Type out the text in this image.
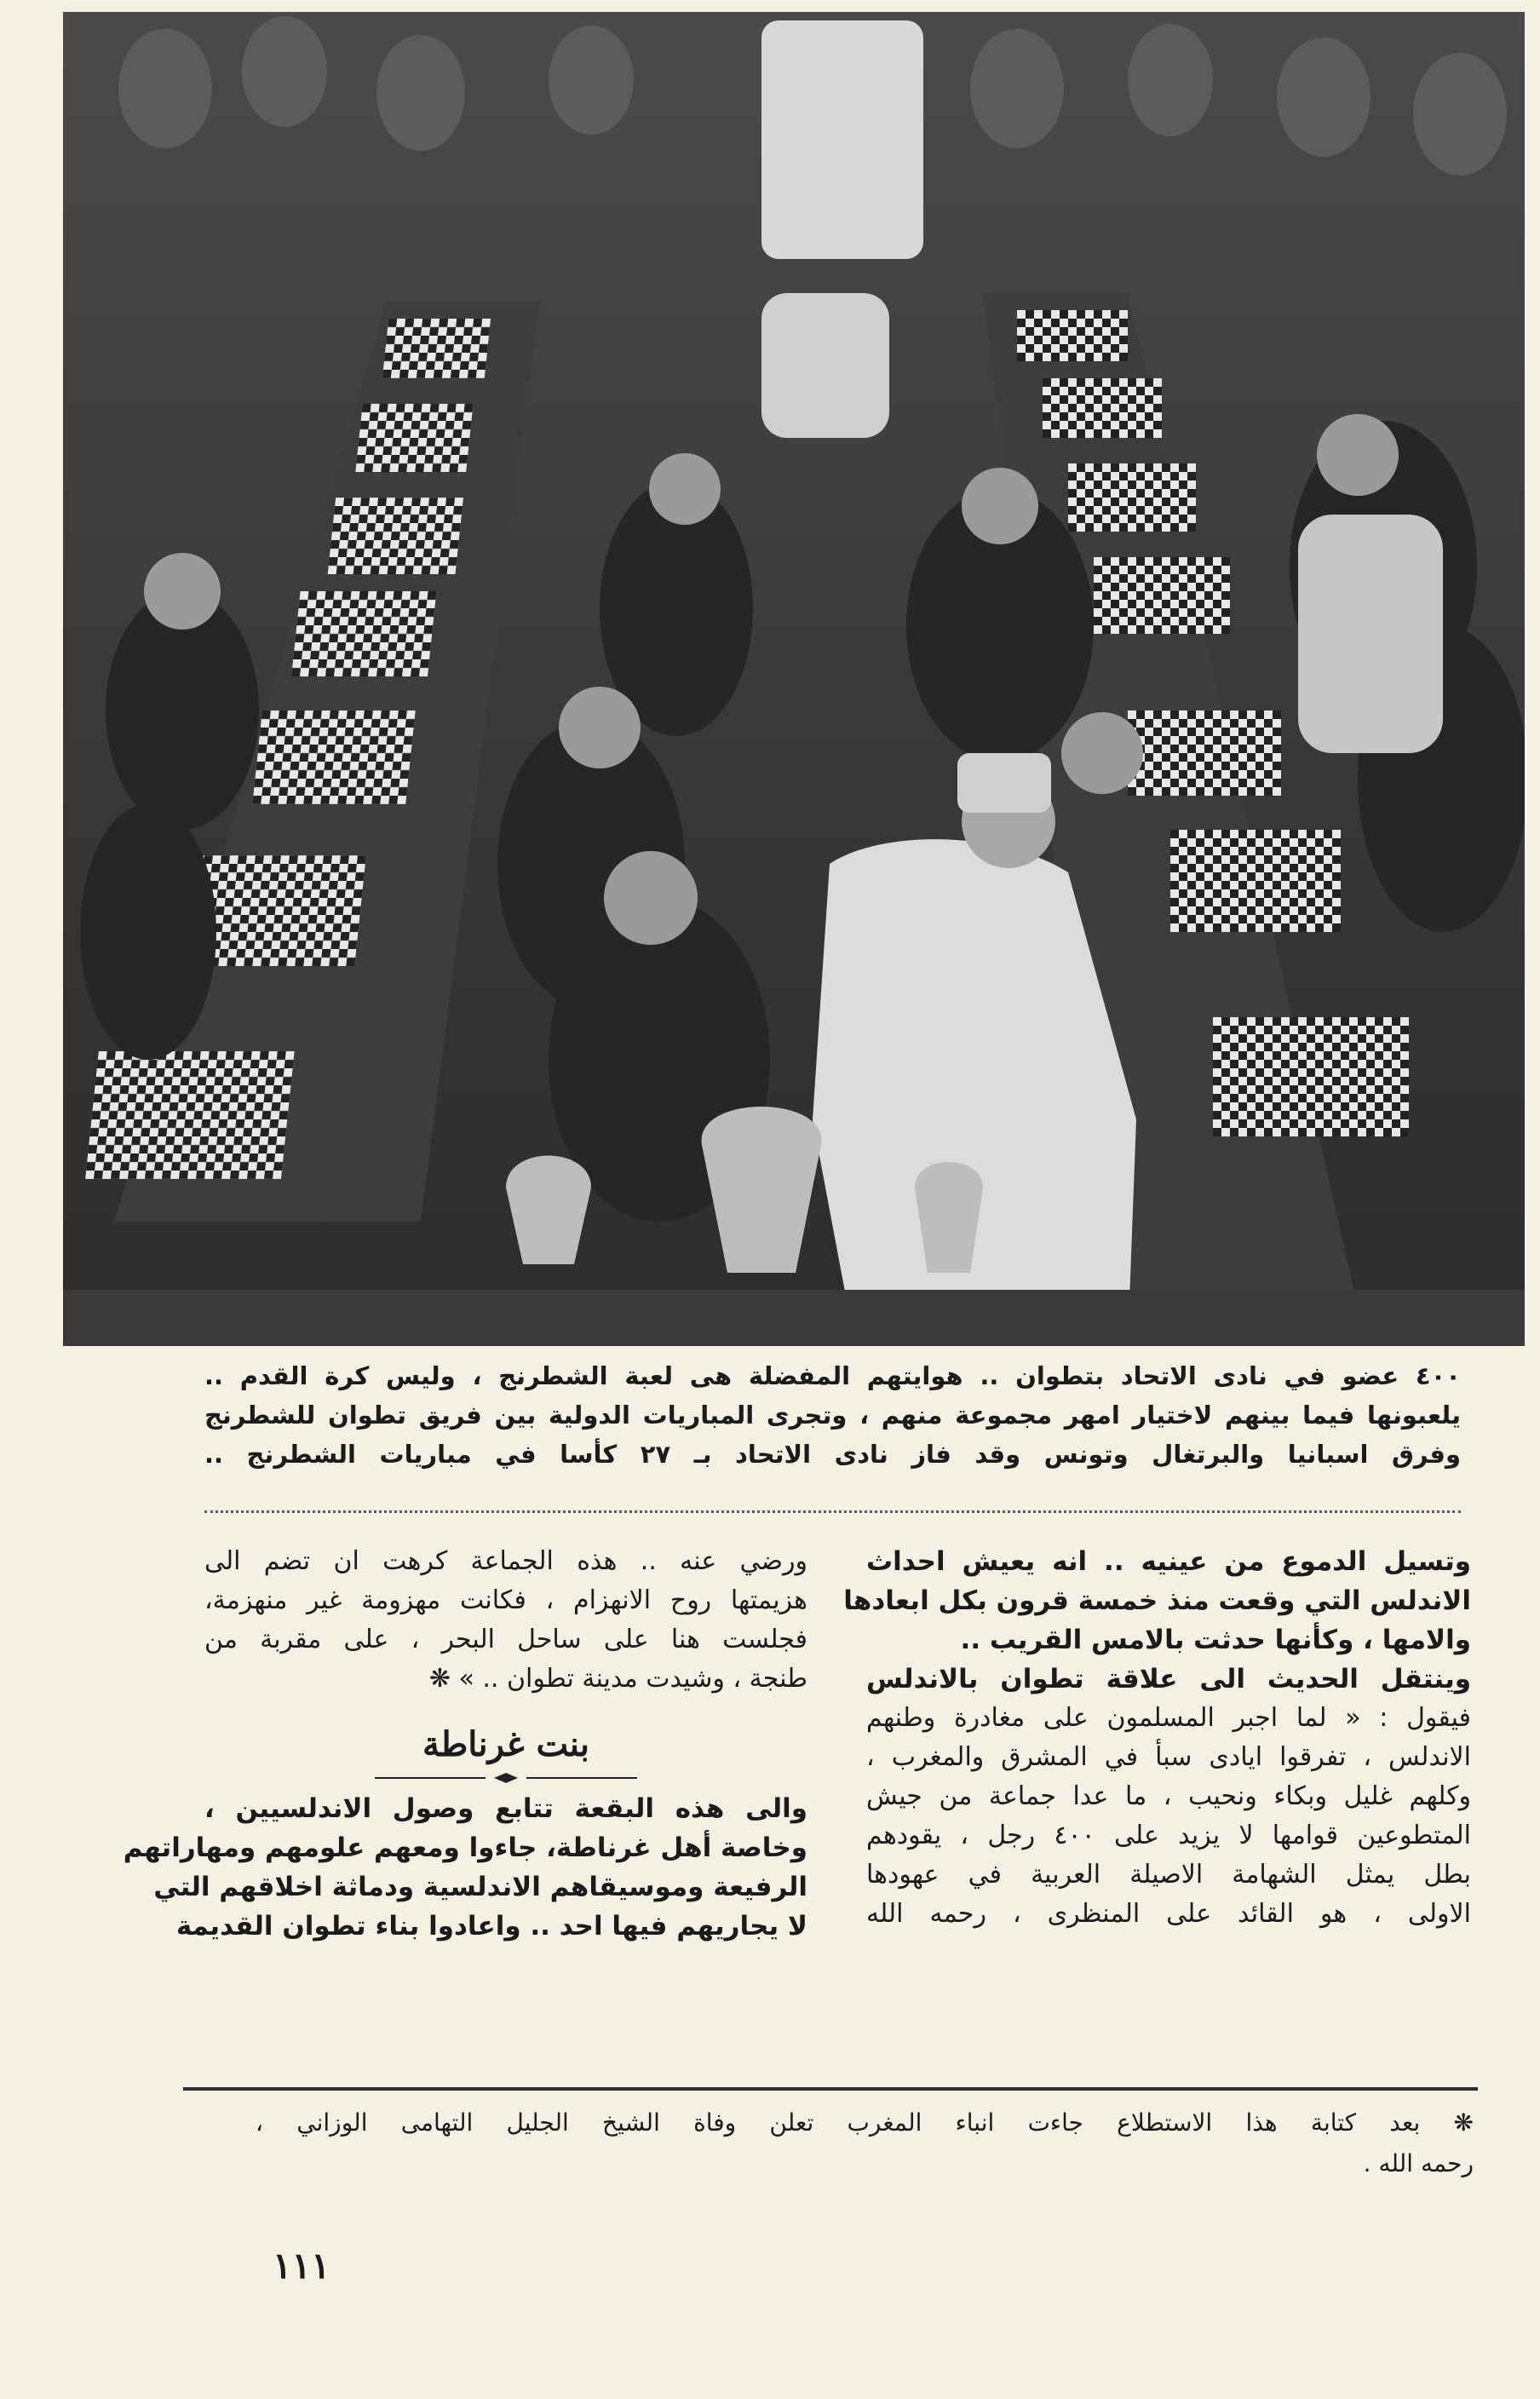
٤٠٠ عضو في نادى الاتحاد بتطوان .. هوايتهم المفضلة هى لعبة الشطرنج ، وليس كرة القدم ..
يلعبونها فيما بينهم لاختيار امهر مجموعة منهم ، وتجرى المباريات الدولية بين فريق تطوان للشطرنج
وفرق اسبانيا والبرتغال وتونس وقد فاز نادى الاتحاد بـ ٢٧ كأسا في مباريات الشطرنج ..
وتسيل الدموع من عينيه .. انه يعيش احداث
الاندلس التي وقعت منذ خمسة قرون بكل ابعادها
والامها ، وكأنها حدثت بالامس القريب ..
وينتقل الحديث الى علاقة تطوان بالاندلس
فيقول : « لما اجبر المسلمون على مغادرة وطنهم
الاندلس ، تفرقوا ايادى سبأ في المشرق والمغرب ،
وكلهم غليل وبكاء ونحيب ، ما عدا جماعة من جيش
المتطوعين قوامها لا يزيد على ٤٠٠ رجل ، يقودهم
بطل يمثل الشهامة الاصيلة العربية في عهودها
الاولى ، هو القائد على المنظرى ، رحمه الله
ورضي عنه .. هذه الجماعة كرهت ان تضم الى
هزيمتها روح الانهزام ، فكانت مهزومة غير منهزمة،
فجلست هنا على ساحل البحر ، على مقربة من
طنجة ، وشيدت مدينة تطوان .. » ❋
بنت غرناطة
والى هذه البقعة تتابع وصول الاندلسيين ،
وخاصة أهل غرناطة، جاءوا ومعهم علومهم ومهاراتهم
الرفيعة وموسيقاهم الاندلسية ودماثة اخلاقهم التي
لا يجاريهم فيها احد .. واعادوا بناء تطوان القديمة
❋ بعد كتابة هذا الاستطلاع جاءت انباء المغرب تعلن وفاة الشيخ الجليل التهامى الوزاني ،
رحمه الله .
١١١
